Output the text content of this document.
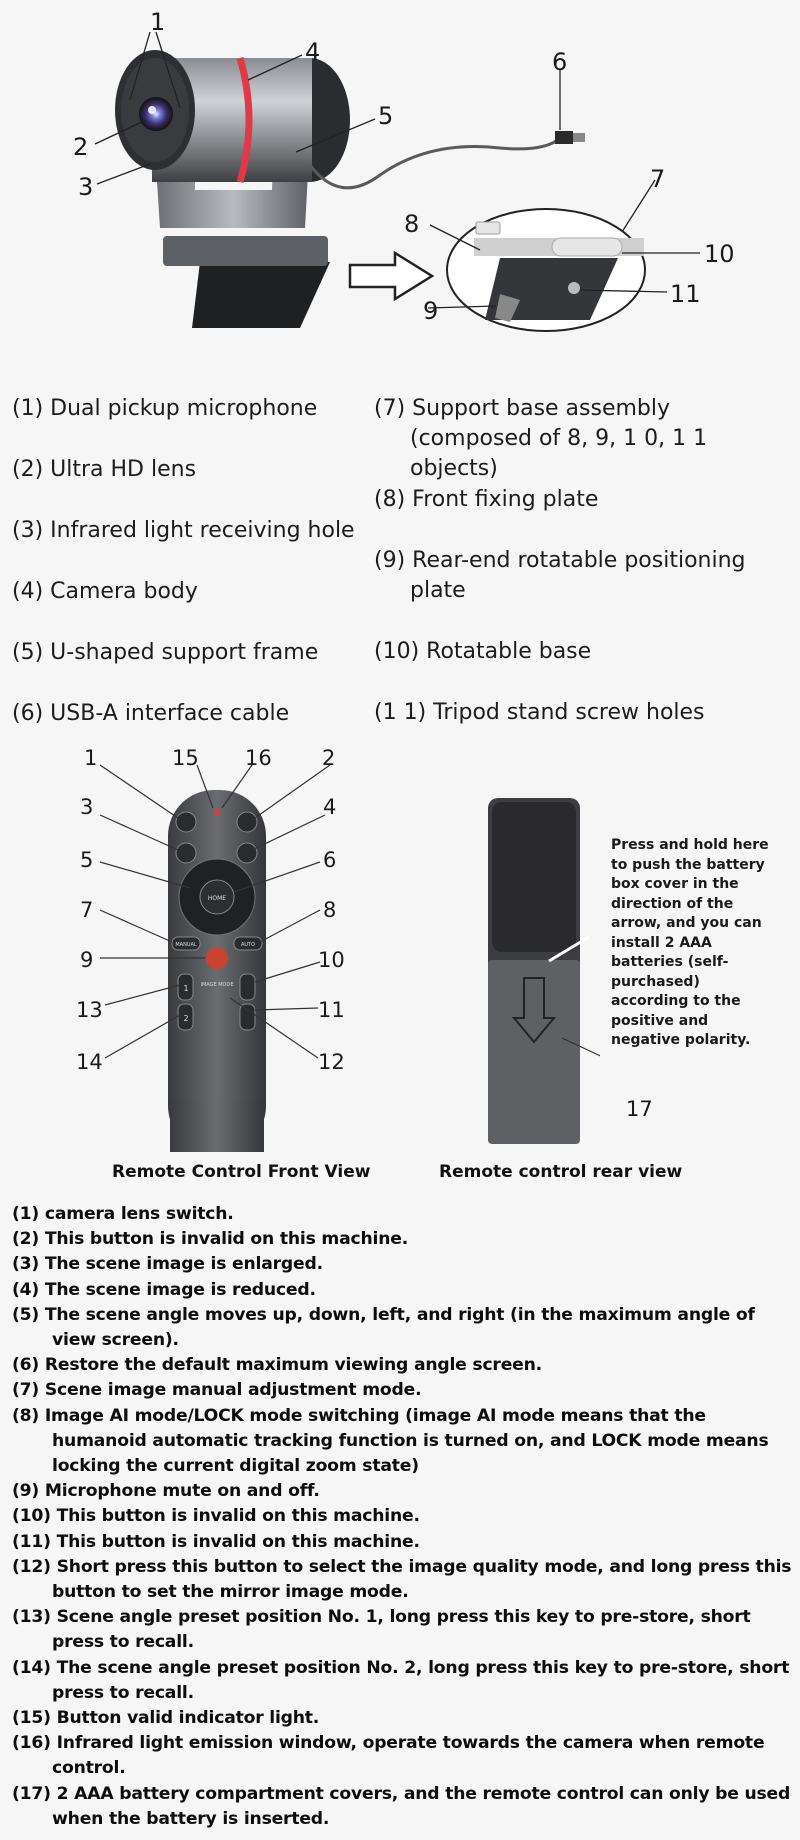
1
2
3
4
5
6
7
8
10
11
9
(1) Dual pickup microphone
(2) Ultra HD lens
(3) Infrared light receiving hole
(4) Camera body
(5) U-shaped support frame
(6) USB-A interface cable
(7) Support base assembly (composed of 8, 9, 1 0, 1 1 objects)
(8) Front fixing plate
(9) Rear-end rotatable positioning plate
(10) Rotatable base
(1 1) Tripod stand screw holes
HOME
MANUAL	AUTO
1
2
IMAGE MODE
1	15 16 2
3	4
5	6
7	8
9	10
13	11
14	12
17
Press and hold here to push the battery box cover in the direction of the arrow, and you can install 2 AAA batteries (self-purchased) according to the positive and negative polarity.
Remote Control Front View	Remote control rear view
(1) camera lens switch.
(2) This button is invalid on this machine.
(3) The scene image is enlarged.
(4) The scene image is reduced.
(5) The scene angle moves up, down, left, and right (in the maximum angle of view screen).
(6) Restore the default maximum viewing angle screen.
(7) Scene image manual adjustment mode.
(8) Image AI mode/LOCK mode switching (image AI mode means that the humanoid automatic tracking function is turned on, and LOCK mode means locking the current digital zoom state)
(9) Microphone mute on and off.
(10) This button is invalid on this machine.
(11) This button is invalid on this machine.
(12) Short press this button to select the image quality mode, and long press this button to set the mirror image mode.
(13) Scene angle preset position No. 1, long press this key to pre-store, short press to recall.
(14) The scene angle preset position No. 2, long press this key to pre-store, short press to recall.
(15) Button valid indicator light.
(16) Infrared light emission window, operate towards the camera when remote control.
(17) 2 AAA battery compartment covers, and the remote control can only be used when the battery is inserted.
